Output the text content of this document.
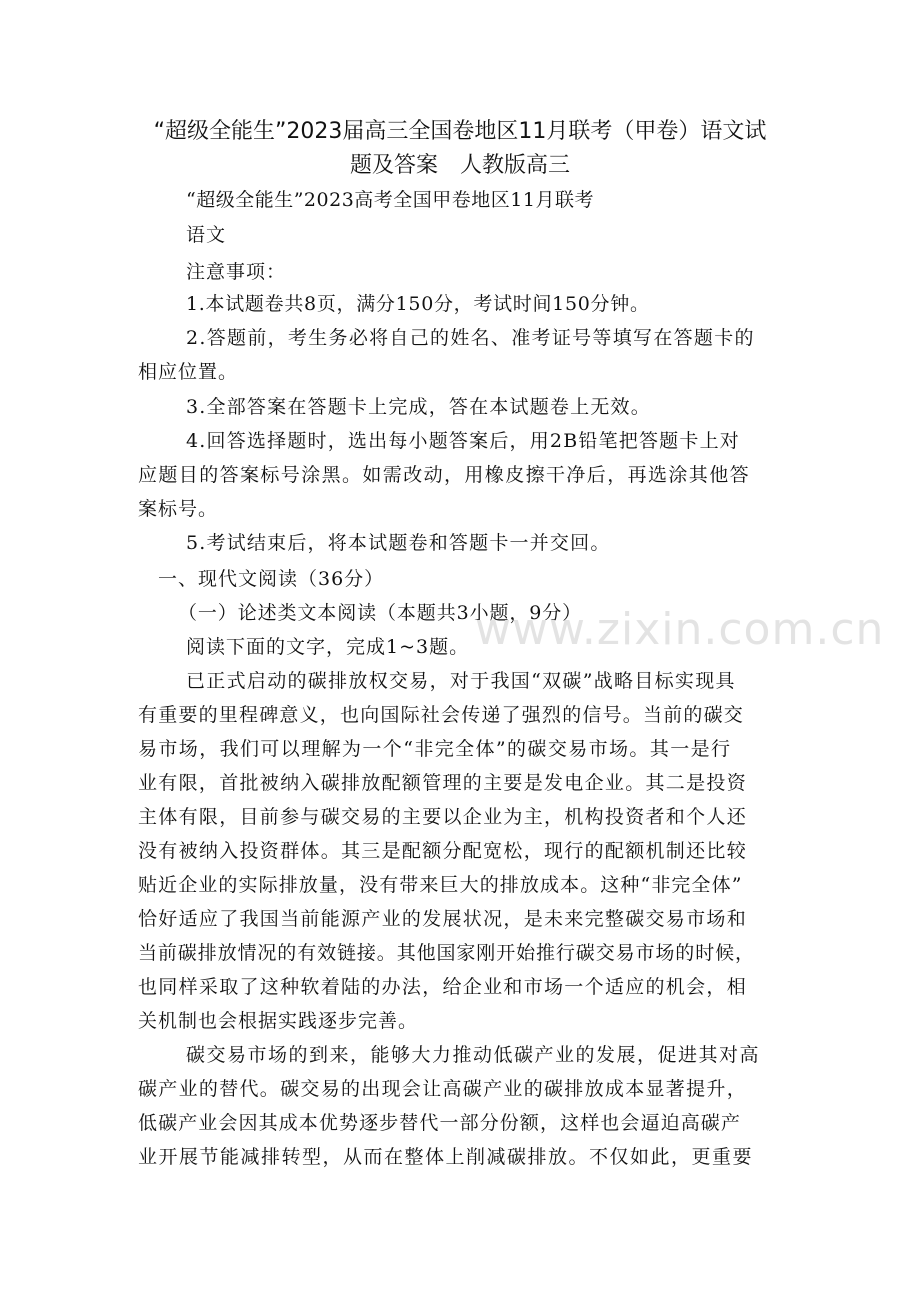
“超级全能生”2023届高三全国卷地区11月联考（甲卷）语文试
题及答案　人教版高三
“超级全能生”2023高考全国甲卷地区11月联考
语文
注意事项：
1.本试题卷共8页，满分150分，考试时间150分钟。
2.答题前，考生务必将自己的姓名、准考证号等填写在答题卡的
相应位置。
3.全部答案在答题卡上完成，答在本试题卷上无效。
4.回答选择题时，选出每小题答案后，用2B铅笔把答题卡上对
应题目的答案标号涂黑。如需改动，用橡皮擦干净后，再选涂其他答
案标号。
5.考试结束后，将本试题卷和答题卡一并交回。
一、现代文阅读（36分）
（一）论述类文本阅读（本题共3小题，9分）
阅读下面的文字，完成1~3题。
已正式启动的碳排放权交易，对于我国“双碳”战略目标实现具
有重要的里程碑意义，也向国际社会传递了强烈的信号。当前的碳交
易市场，我们可以理解为一个“非完全体”的碳交易市场。其一是行
业有限，首批被纳入碳排放配额管理的主要是发电企业。其二是投资
主体有限，目前参与碳交易的主要以企业为主，机构投资者和个人还
没有被纳入投资群体。其三是配额分配宽松，现行的配额机制还比较
贴近企业的实际排放量，没有带来巨大的排放成本。这种“非完全体”
恰好适应了我国当前能源产业的发展状况，是未来完整碳交易市场和
当前碳排放情况的有效链接。其他国家刚开始推行碳交易市场的时候，
也同样采取了这种软着陆的办法，给企业和市场一个适应的机会，相
关机制也会根据实践逐步完善。
碳交易市场的到来，能够大力推动低碳产业的发展，促进其对高
碳产业的替代。碳交易的出现会让高碳产业的碳排放成本显著提升，
低碳产业会因其成本优势逐步替代一部分份额，这样也会逼迫高碳产
业开展节能减排转型，从而在整体上削减碳排放。不仅如此，更重要
www.zixin.com.cn
